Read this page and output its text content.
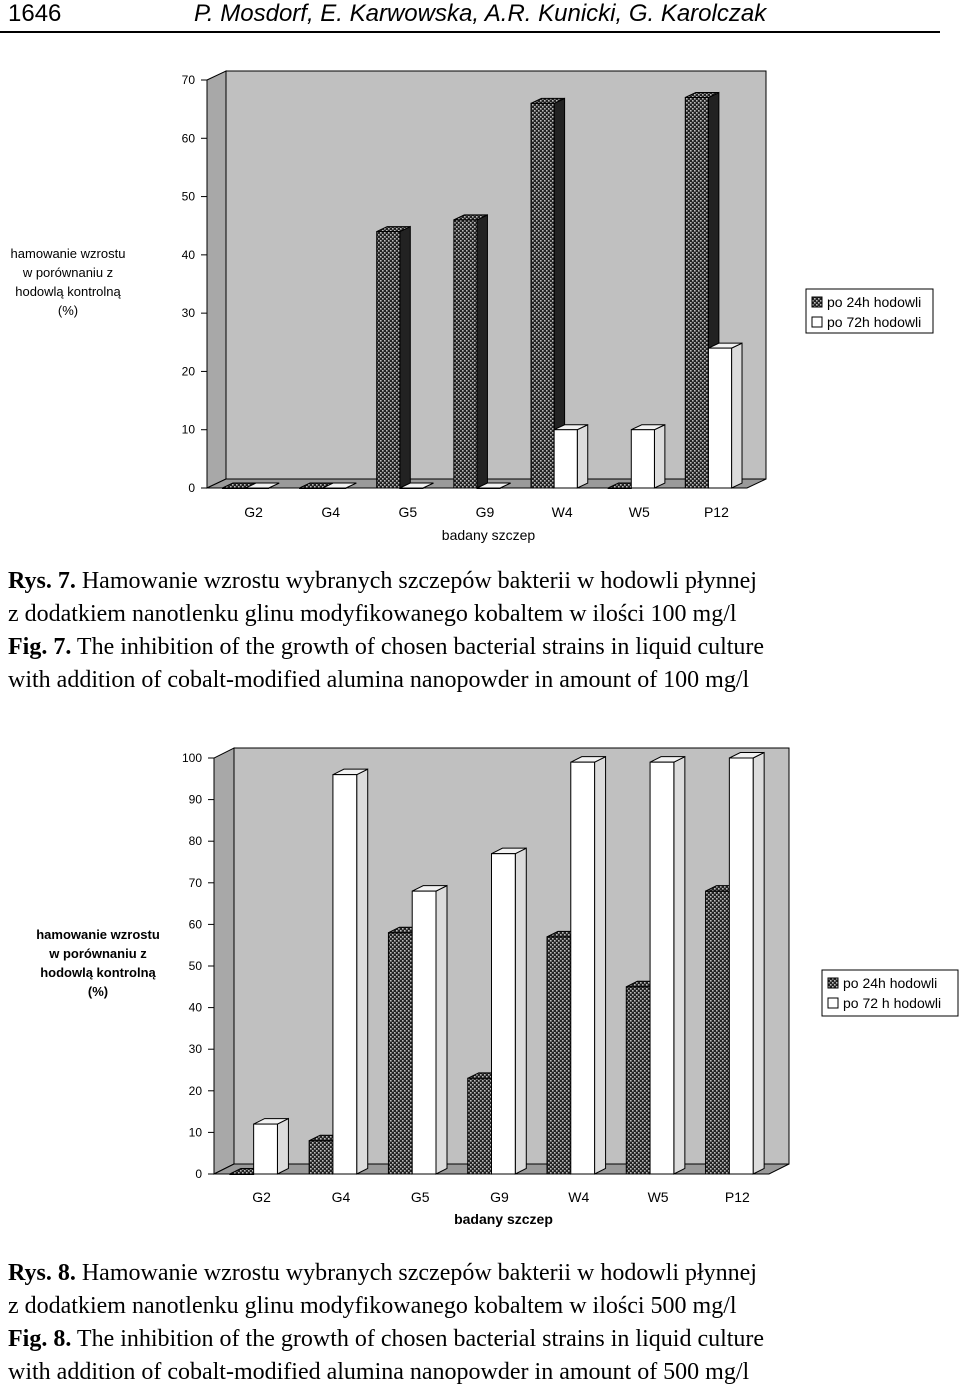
1646	P. Mosdorf, E. Karwowska, A.R. Kunicki, G. Karolczak
0
10
20
30
40
50
60
70
hamowanie wzrostu
w porównaniu z
hodowlą kontrolną
(%)
badany szczep
G2	G4	G5	G9	W4	W5	P12
po 24h hodowli
po 72h hodowli
Rys. 7. Hamowanie wzrostu wybranych szczepów bakterii w hodowli płynnej
z dodatkiem nanotlenku glinu modyfikowanego kobaltem w ilości 100 mg/l
Fig. 7. The inhibition of the growth of chosen bacterial strains in liquid culture
with addition of cobalt-modified alumina nanopowder in amount of 100 mg/l
0
10
20
30
40
50
60
70
80
90
100
hamowanie wzrostu
w porównaniu z
hodowlą kontrolną
(%)
badany szczep
G2	G4	G5	G9	W4	W5	P12
po 24h hodowli
po 72 h hodowli
Rys. 8. Hamowanie wzrostu wybranych szczepów bakterii w hodowli płynnej
z dodatkiem nanotlenku glinu modyfikowanego kobaltem w ilości 500 mg/l
Fig. 8. The inhibition of the growth of chosen bacterial strains in liquid culture
with addition of cobalt-modified alumina nanopowder in amount of 500 mg/l
